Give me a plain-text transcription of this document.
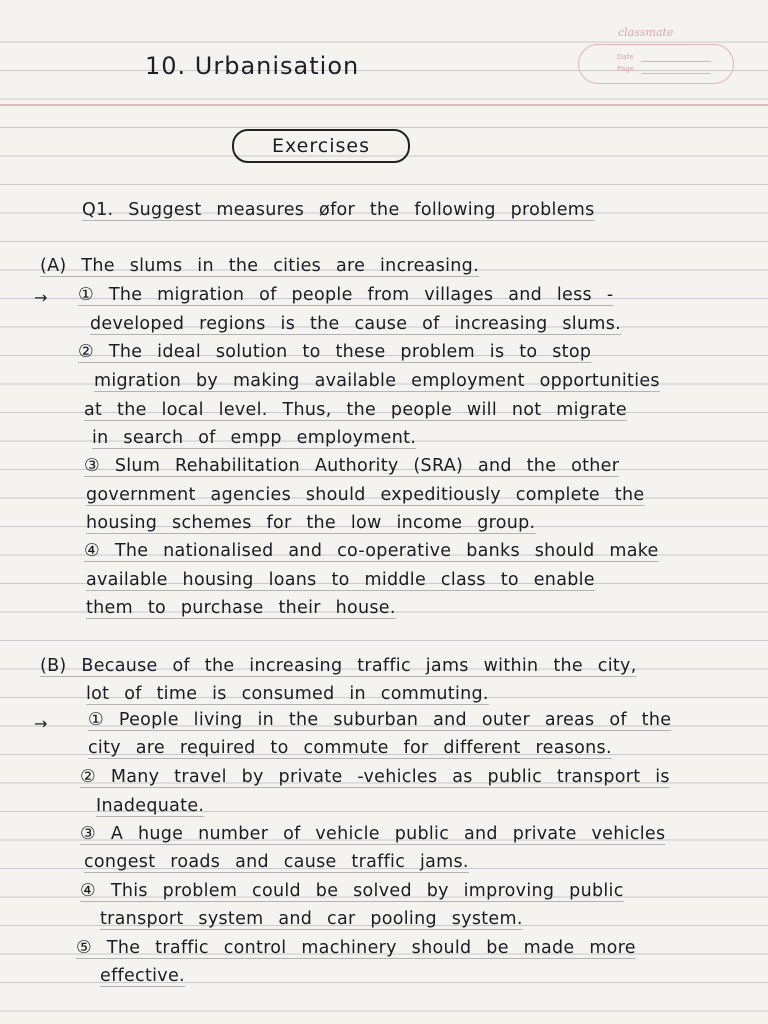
classmate
Date
Page
10. Urbanisation
Exercises
Q1. Suggest measures øfor the following problems
(A) The slums in the cities are increasing.
→ ① The migration of people from villages and less -
developed regions is the cause of increasing slums.
② The ideal solution to these problem is to stop
migration by making available employment opportunities
at the local level. Thus, the people will not migrate
in search of empp employment.
③ Slum Rehabilitation Authority (SRA) and the other
government agencies should expeditiously complete the
housing schemes for the low income group.
④ The nationalised and co-operative banks should make
available housing loans to middle class to enable
them to purchase their house.
(B) Because of the increasing traffic jams within the city,
lot of time is consumed in commuting.
→ ① People living in the suburban and outer areas of the
city are required to commute for different reasons.
② Many travel by private -vehicles as public transport is
Inadequate.
③ A huge number of vehicle public and private vehicles
congest roads and cause traffic jams.
④ This problem could be solved by improving public
transport system and car pooling system.
⑤ The traffic control machinery should be made more
effective.
